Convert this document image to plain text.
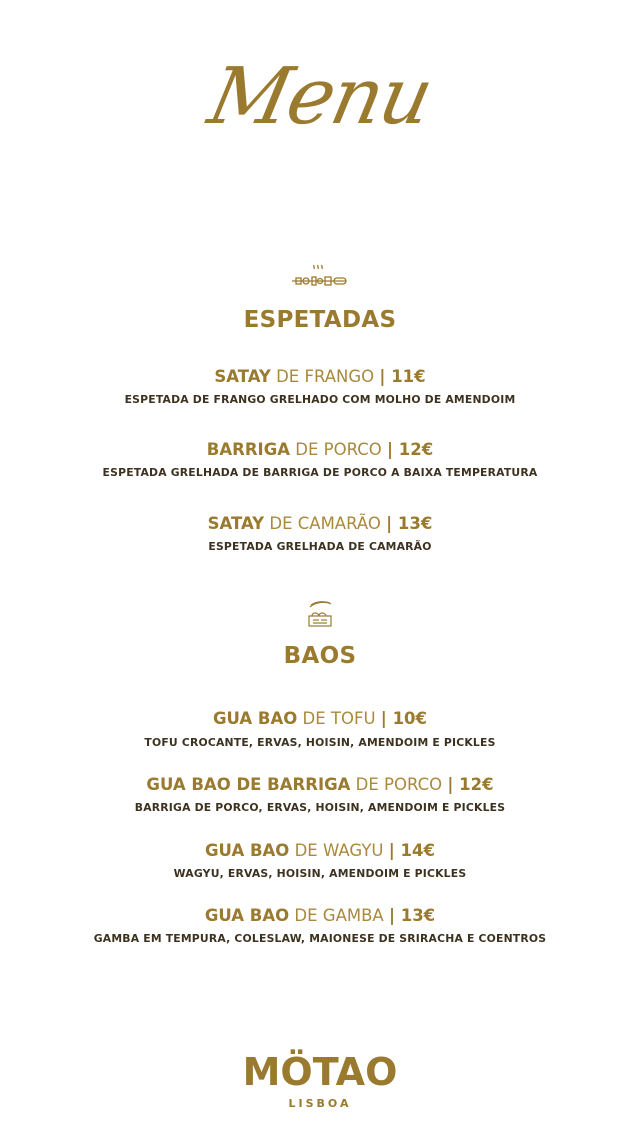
Menu
ESPETADAS
SATAY DE FRANGO | 11€
ESPETADA DE FRANGO GRELHADO COM MOLHO DE AMENDOIM
BARRIGA DE PORCO | 12€
ESPETADA GRELHADA DE BARRIGA DE PORCO A BAIXA TEMPERATURA
SATAY DE CAMARÃO | 13€
ESPETADA GRELHADA DE CAMARÃO
BAOS
GUA BAO DE TOFU | 10€
TOFU CROCANTE, ERVAS, HOISIN, AMENDOIM E PICKLES
GUA BAO DE BARRIGA DE PORCO | 12€
BARRIGA DE PORCO, ERVAS, HOISIN, AMENDOIM E PICKLES
GUA BAO DE WAGYU | 14€
WAGYU, ERVAS, HOISIN, AMENDOIM E PICKLES
GUA BAO DE GAMBA | 13€
GAMBA EM TEMPURA, COLESLAW, MAIONESE DE SRIRACHA E COENTROS
MÖTAO
LISBOA
